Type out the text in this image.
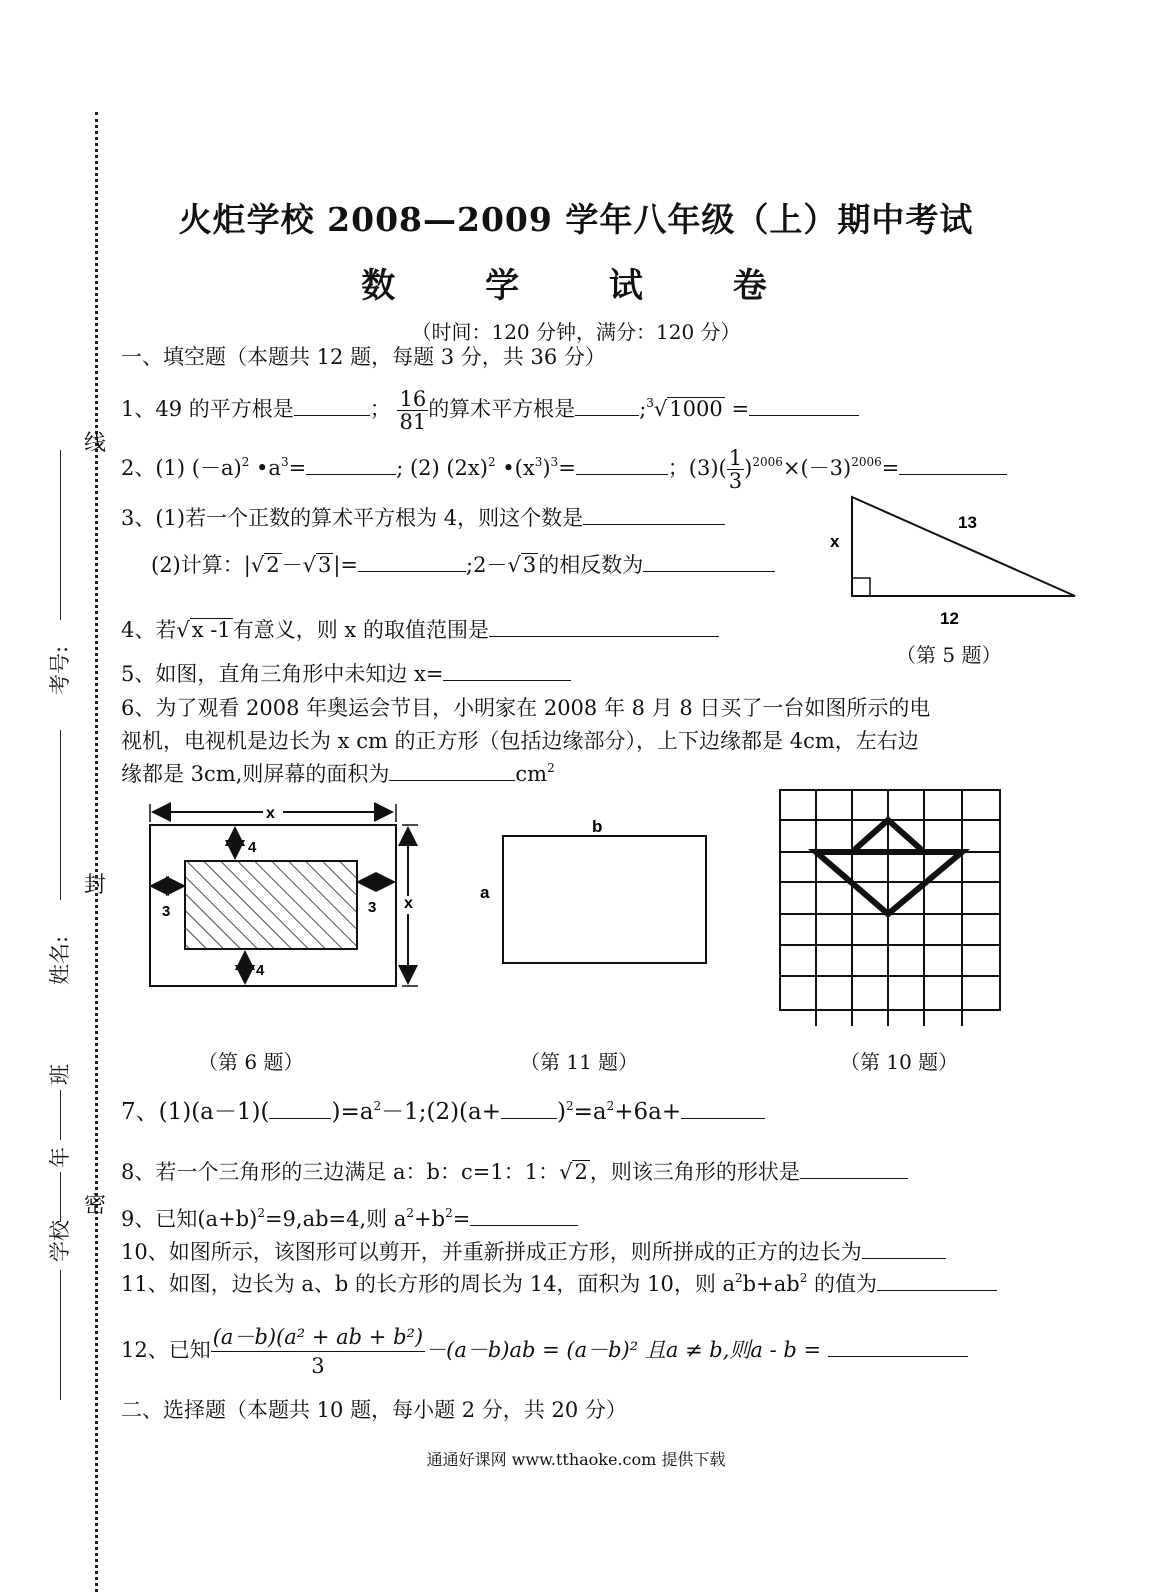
线
封
密
考号:
姓名:
班
年
学校
火炬学校 2008—2009 学年八年级（上）期中考试
数 学 试 卷
（时间：120 分钟，满分：120 分）
一、填空题（本题共 12 题，每题 3 分，共 36 分）
1、49 的平方根是	； $\frac{16}{81}$ 的算术平方根是	;$^3$√1000 =
2、(1) $(-a)^2$ $•a^3=$	; (2) $(2x)^2$ $•(x^3)^3=$	；$(3)( \frac{1}{3} )^{2006}\times(-3)^{2006}=$
3、(1)若一个正数的算术平方根为 4，则这个数是
(2)计算：|√2－√3|=	;2－√3的相反数为
4、若√x -1有意义，则 x 的取值范围是
5、如图，直角三角形中未知边 x=
6、为了观看 2008 年奥运会节目，小明家在 2008 年 8 月 8 日买了一台如图所示的电
视机，电视机是边长为 x cm 的正方形（包括边缘部分），上下边缘都是 4cm，左右边
缘都是 3cm,则屏幕的面积为	$cm^2$
x
13
12
（第 5 题）
x
x
4
4
3	3
（第 6 题）
b
a
（第 11 题）	（第 10 题）
7、(1)(a－1)(	)$=a^2-1;(2)(a+ )^2=a^2+6a+$
8、若一个三角形的三边满足 a：b：c=1：1：√2，则该三角形的形状是
9、已知$(a+b)^2=9,ab=4$,则 $a^2+b^2=$
10、如图所示，该图形可以剪开，并重新拼成正方形，则所拼成的正方的边长为
11、如图，边长为 a、b 的长方形的周长为 14，面积为 10，则 $a^2b+ab^2$ 的值为
12、已知 $\frac{\text{(a－b)(a² + ab + b²)}}{3} -(a-b)ab = (a-b)^2$ 且a ≠ b,则a - b =
二、选择题（本题共 10 题，每小题 2 分，共 20 分）
通通好课网 www.tthaoke.com 提供下载
